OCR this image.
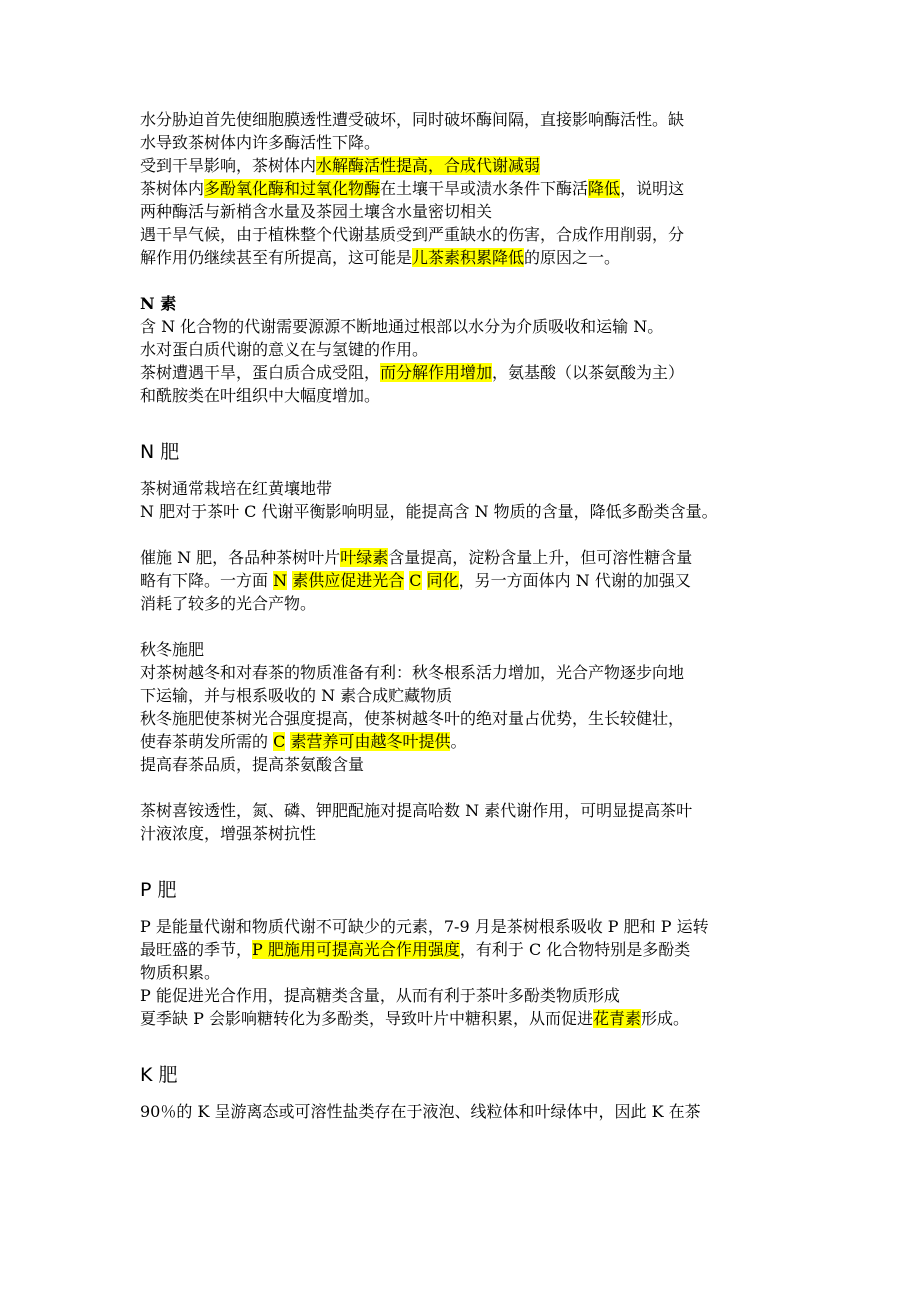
水分胁迫首先使细胞膜透性遭受破坏，同时破坏酶间隔，直接影响酶活性。缺
水导致茶树体内许多酶活性下降。
受到干旱影响，茶树体内水解酶活性提高，合成代谢减弱
茶树体内多酚氧化酶和过氧化物酶在土壤干旱或渍水条件下酶活降低，说明这
两种酶活与新梢含水量及茶园土壤含水量密切相关
遇干旱气候，由于植株整个代谢基质受到严重缺水的伤害，合成作用削弱，分
解作用仍继续甚至有所提高，这可能是儿茶素积累降低的原因之一。
N 素
含 N 化合物的代谢需要源源不断地通过根部以水分为介质吸收和运输 N。
水对蛋白质代谢的意义在与氢键的作用。
茶树遭遇干旱，蛋白质合成受阻，而分解作用增加，氨基酸（以茶氨酸为主）
和酰胺类在叶组织中大幅度增加。
N 肥
茶树通常栽培在红黄壤地带
N 肥对于茶叶 C 代谢平衡影响明显，能提高含 N 物质的含量，降低多酚类含量。
催施 N 肥，各品种茶树叶片叶绿素含量提高，淀粉含量上升，但可溶性糖含量
略有下降。一方面 N 素供应促进光合 C 同化，另一方面体内 N 代谢的加强又
消耗了较多的光合产物。
秋冬施肥
对茶树越冬和对春茶的物质准备有利：秋冬根系活力增加，光合产物逐步向地
下运输，并与根系吸收的 N 素合成贮藏物质
秋冬施肥使茶树光合强度提高，使茶树越冬叶的绝对量占优势，生长较健壮，
使春茶萌发所需的 C 素营养可由越冬叶提供。
提高春茶品质，提高茶氨酸含量
茶树喜铵透性，氮、磷、钾肥配施对提高哈数 N 素代谢作用，可明显提高茶叶
汁液浓度，增强茶树抗性
P 肥
P 是能量代谢和物质代谢不可缺少的元素，7-9 月是茶树根系吸收 P 肥和 P 运转
最旺盛的季节，P 肥施用可提高光合作用强度，有利于 C 化合物特别是多酚类
物质积累。
P 能促进光合作用，提高糖类含量，从而有利于茶叶多酚类物质形成
夏季缺 P 会影响糖转化为多酚类，导致叶片中糖积累，从而促进花青素形成。
K 肥
90％的 K 呈游离态或可溶性盐类存在于液泡、线粒体和叶绿体中，因此 K 在茶
